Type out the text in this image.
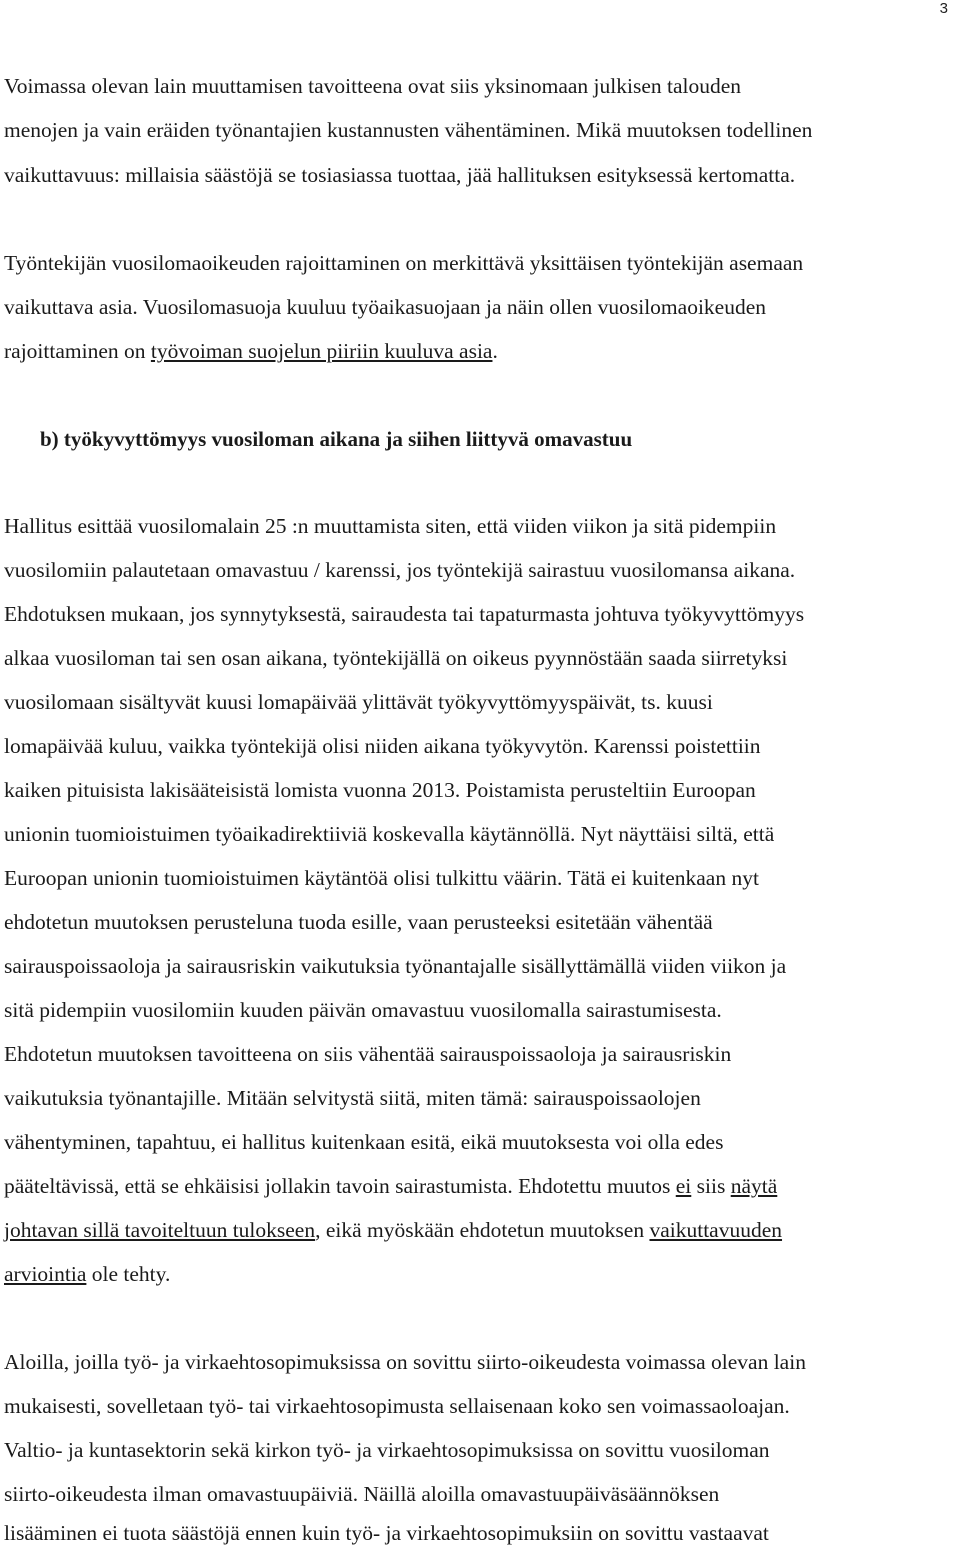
3
Voimassa olevan lain muuttamisen tavoitteena ovat siis yksinomaan julkisen talouden
menojen ja vain eräiden työnantajien kustannusten vähentäminen. Mikä muutoksen todellinen
vaikuttavuus: millaisia säästöjä se tosiasiassa tuottaa, jää hallituksen esityksessä kertomatta.
Työntekijän vuosilomaoikeuden rajoittaminen on merkittävä yksittäisen työntekijän asemaan
vaikuttava asia. Vuosilomasuoja kuuluu työaikasuojaan ja näin ollen vuosilomaoikeuden
rajoittaminen on työvoiman suojelun piiriin kuuluva asia.
b) työkyvyttömyys vuosiloman aikana ja siihen liittyvä omavastuu
Hallitus esittää vuosilomalain 25 :n muuttamista siten, että viiden viikon ja sitä pidempiin
vuosilomiin palautetaan omavastuu / karenssi, jos työntekijä sairastuu vuosilomansa aikana.
Ehdotuksen mukaan, jos synnytyksestä, sairaudesta tai tapaturmasta johtuva työkyvyttömyys
alkaa vuosiloman tai sen osan aikana, työntekijällä on oikeus pyynnöstään saada siirretyksi
vuosilomaan sisältyvät kuusi lomapäivää ylittävät työkyvyttömyyspäivät, ts. kuusi
lomapäivää kuluu, vaikka työntekijä olisi niiden aikana työkyvytön. Karenssi poistettiin
kaiken pituisista lakisääteisistä lomista vuonna 2013. Poistamista perusteltiin Euroopan
unionin tuomioistuimen työaikadirektiiviä koskevalla käytännöllä. Nyt näyttäisi siltä, että
Euroopan unionin tuomioistuimen käytäntöä olisi tulkittu väärin. Tätä ei kuitenkaan nyt
ehdotetun muutoksen perusteluna tuoda esille, vaan perusteeksi esitetään vähentää
sairauspoissaoloja ja sairausriskin vaikutuksia työnantajalle sisällyttämällä viiden viikon ja
sitä pidempiin vuosilomiin kuuden päivän omavastuu vuosilomalla sairastumisesta.
Ehdotetun muutoksen tavoitteena on siis vähentää sairauspoissaoloja ja sairausriskin
vaikutuksia työnantajille. Mitään selvitystä siitä, miten tämä: sairauspoissaolojen
vähentyminen, tapahtuu, ei hallitus kuitenkaan esitä, eikä muutoksesta voi olla edes
pääteltävissä, että se ehkäisisi jollakin tavoin sairastumista. Ehdotettu muutos ei siis näytä
johtavan sillä tavoiteltuun tulokseen, eikä myöskään ehdotetun muutoksen vaikuttavuuden
arviointia ole tehty.
Aloilla, joilla työ- ja virkaehtosopimuksissa on sovittu siirto-oikeudesta voimassa olevan lain
mukaisesti, sovelletaan työ- tai virkaehtosopimusta sellaisenaan koko sen voimassaoloajan.
Valtio- ja kuntasektorin sekä kirkon työ- ja virkaehtosopimuksissa on sovittu vuosiloman
siirto-oikeudesta ilman omavastuupäiviä. Näillä aloilla omavastuupäiväsäännöksen
lisääminen ei tuota säästöjä ennen kuin työ- ja virkaehtosopimuksiin on sovittu vastaavat
